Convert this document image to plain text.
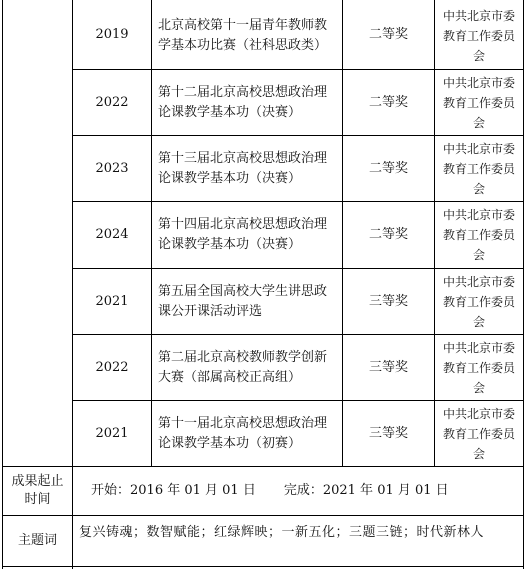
2019
北京高校第十一届青年教师教学基本功比赛（社科思政类）
二等奖
中共北京市委教育工作委员会
2022
第十二届北京高校思想政治理论课教学基本功（决赛）
二等奖
中共北京市委教育工作委员会
2023
第十三届北京高校思想政治理论课教学基本功（决赛）
二等奖
中共北京市委教育工作委员会
2024
第十四届北京高校思想政治理论课教学基本功（决赛）
二等奖
中共北京市委教育工作委员会
2021
第五届全国高校大学生讲思政课公开课活动评选
三等奖
中共北京市委教育工作委员会
2022
第二届北京高校教师教学创新大赛（部属高校正高组）
三等奖
中共北京市委教育工作委员会
2021
第十一届北京高校思想政治理论课教学基本功（初赛）
三等奖
中共北京市委教育工作委员会
成果起止时间
开始：2016 年 01 月 01 日 完成：2021 年 01 月 01 日
主题词
复兴铸魂；数智赋能；红绿辉映；一新五化；三题三链；时代新林人
